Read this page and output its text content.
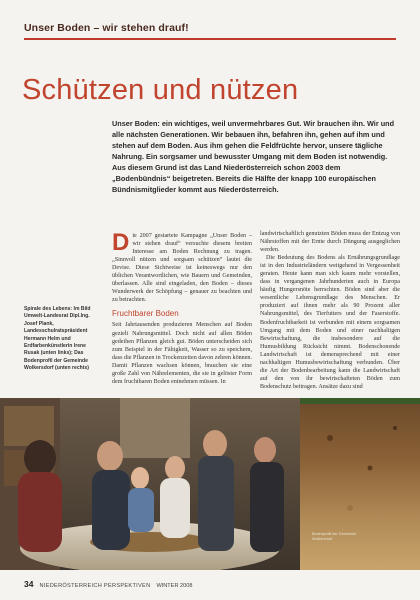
Unser Boden – wir stehen drauf!
Schützen und nützen

Unser Boden: ein wichtiges, weil unvermehrbares Gut. Wir brauchen ihn. Wir und alle nächsten Generationen. Wir bebauen ihn, befahren ihn, gehen auf ihm und stehen auf dem Boden. Aus ihm gehen die Feldfrüchte hervor, unsere tägliche Nahrung. Ein sorgsamer und bewusster Umgang mit dem Boden ist notwendig. Aus diesem Grund ist das Land Niederösterreich schon 2003 dem „Bodenbündnis“ beigetreten. Bereits die Hälfte der knapp 100 europäischen Bündnismitglieder kommt aus Niederösterreich.

Spirale des Lebens: Im Bild Umwelt-Landesrat Dipl.Ing. Josef Plank, Landesschulratspräsident Hermann Helm und Erdfarbenkünstlerin Irene Rusak (unten links); Das Bodenprofil der Gemeinde Wolkersdorf (unten rechts)

Die 2007 gestartete Kampagne „Unser Boden – wir stehen drauf“ versuchte diesem breiten Interesse am Boden Rechnung zu tragen. „Sinnvoll nützen und sorgsam schützen“ lautet die Devise. Diese Sichtweise ist keineswegs nur den üblichen Verantwortlichen, wie Bauern und Gemeinden, überlassen. Alle sind eingeladen, den Boden – dieses Wunderwerk der Schöpfung – genauer zu beachten und zu betrachten.

Fruchtbarer Boden

Seit Jahrtausenden produzieren Menschen auf Boden gezielt Nahrungsmittel. Doch nicht auf allen Böden gedeihen Pflanzen gleich gut. Böden unterscheiden sich zum Beispiel in der Fähigkeit, Wasser so zu speichern, dass die Pflanzen in Trockenzeiten davon zehren können. Damit Pflanzen wachsen können, brauchen sie eine große Zahl von Nährelementen, die sie in gelöster Form dem fruchtbaren Boden entnehmen müssen. In

landwirtschaftlich genutzten Böden muss der Entzug von Nährstoffen mit der Ernte durch Düngung ausgeglichen werden.

Die Bedeutung des Bodens als Ernährungsgrundlage ist in den Industrieländern weitgehend in Vergessenheit geraten. Heute kann man sich kaum mehr vorstellen, dass in vergangenen Jahrhunderten auch in Europa häufig Hungersnöte herrschten. Böden sind aber die wesentliche Lebensgrundlage des Menschen. Er produziert auf ihnen mehr als 90 Prozent aller Nahrungsmittel, des Tierfutters und der Faserstoffe. Bodenfruchtbarkeit ist verbunden mit einem sorgsamen Umgang mit dem Boden und einer nachhaltigen Bewirtschaftung, die insbesondere auf die Humusbildung Rücksicht nimmt. Bodenschonende Landwirtschaft ist demensprechend mit einer nachhaltigen Humusbewirtschaftung verbunden. Über die Art der Bodenbearbeitung kann die Landwirtschaft auf den von ihr bewirtschafteten Böden zum Bodenschutz beitragen. Ansätze dazu sind

Bodenprofil der Gemeinde Wolkersdorf
34 NIEDERÖSTERREICH PERSPEKTIVEN WINTER 2008
